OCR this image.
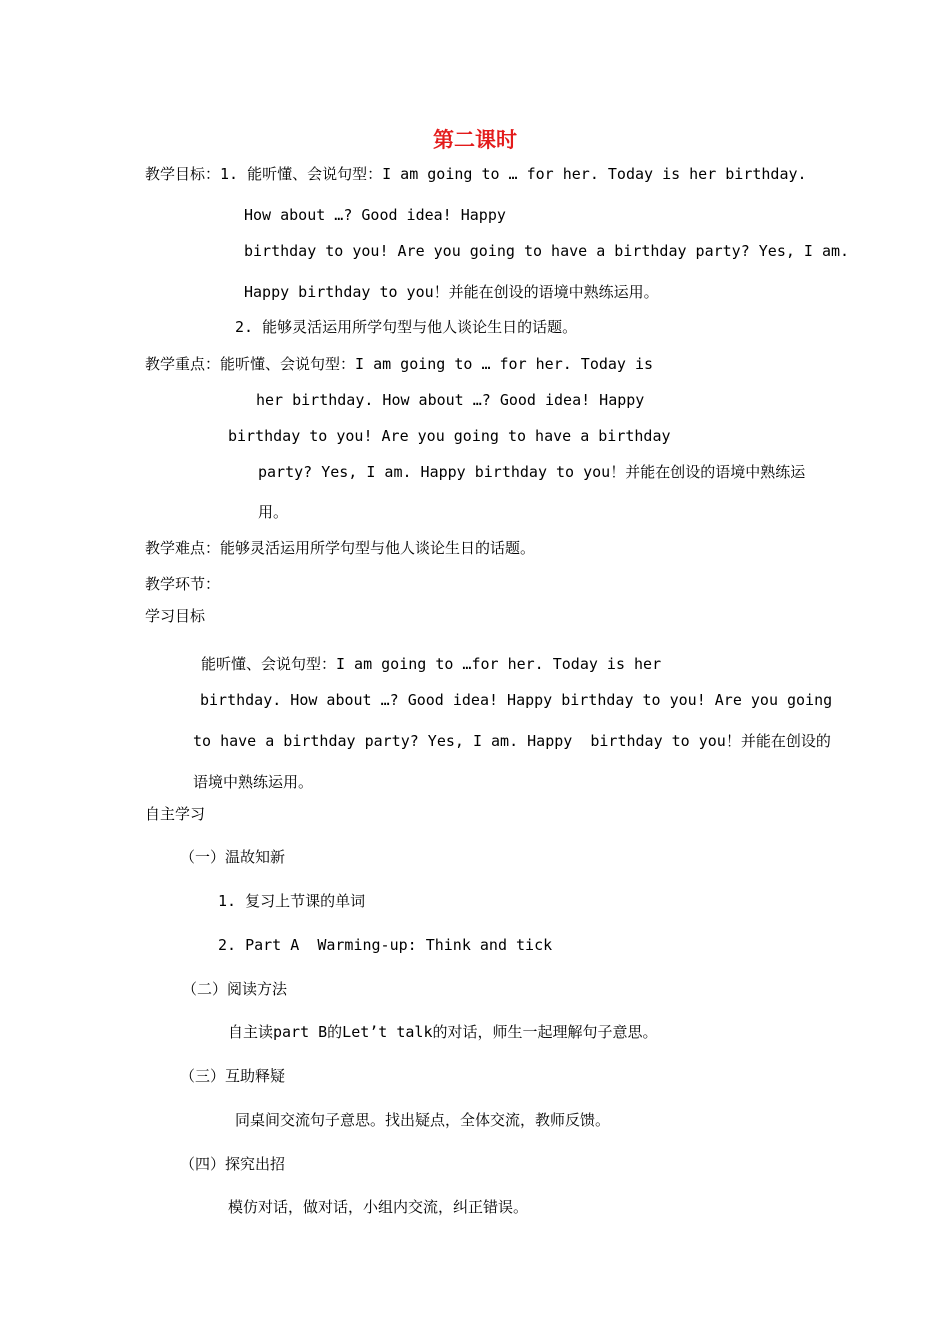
第二课时
教学目标：1. 能听懂、会说句型：I am going to … for her. Today is her birthday.
How about …? Good idea! Happy
birthday to you! Are you going to have a birthday party? Yes, I am.
Happy birthday to you！并能在创设的语境中熟练运用。
2. 能够灵活运用所学句型与他人谈论生日的话题。
教学重点：能听懂、会说句型：I am going to … for her. Today is
her birthday. How about …? Good idea! Happy
birthday to you! Are you going to have a birthday
party? Yes, I am. Happy birthday to you！并能在创设的语境中熟练运
用。
教学难点：能够灵活运用所学句型与他人谈论生日的话题。
教学环节：
学习目标
能听懂、会说句型：I am going to …for her. Today is her
birthday. How about …? Good idea! Happy birthday to you! Are you going
to have a birthday party? Yes, I am. Happy  birthday to you！并能在创设的
语境中熟练运用。
自主学习
（一）温故知新
1. 复习上节课的单词
2. Part A  Warming-up: Think and tick
（二）阅读方法
自主读part B的Let’t talk的对话，师生一起理解句子意思。
（三）互助释疑
同桌间交流句子意思。找出疑点，全体交流，教师反馈。
（四）探究出招
模仿对话，做对话，小组内交流，纠正错误。
